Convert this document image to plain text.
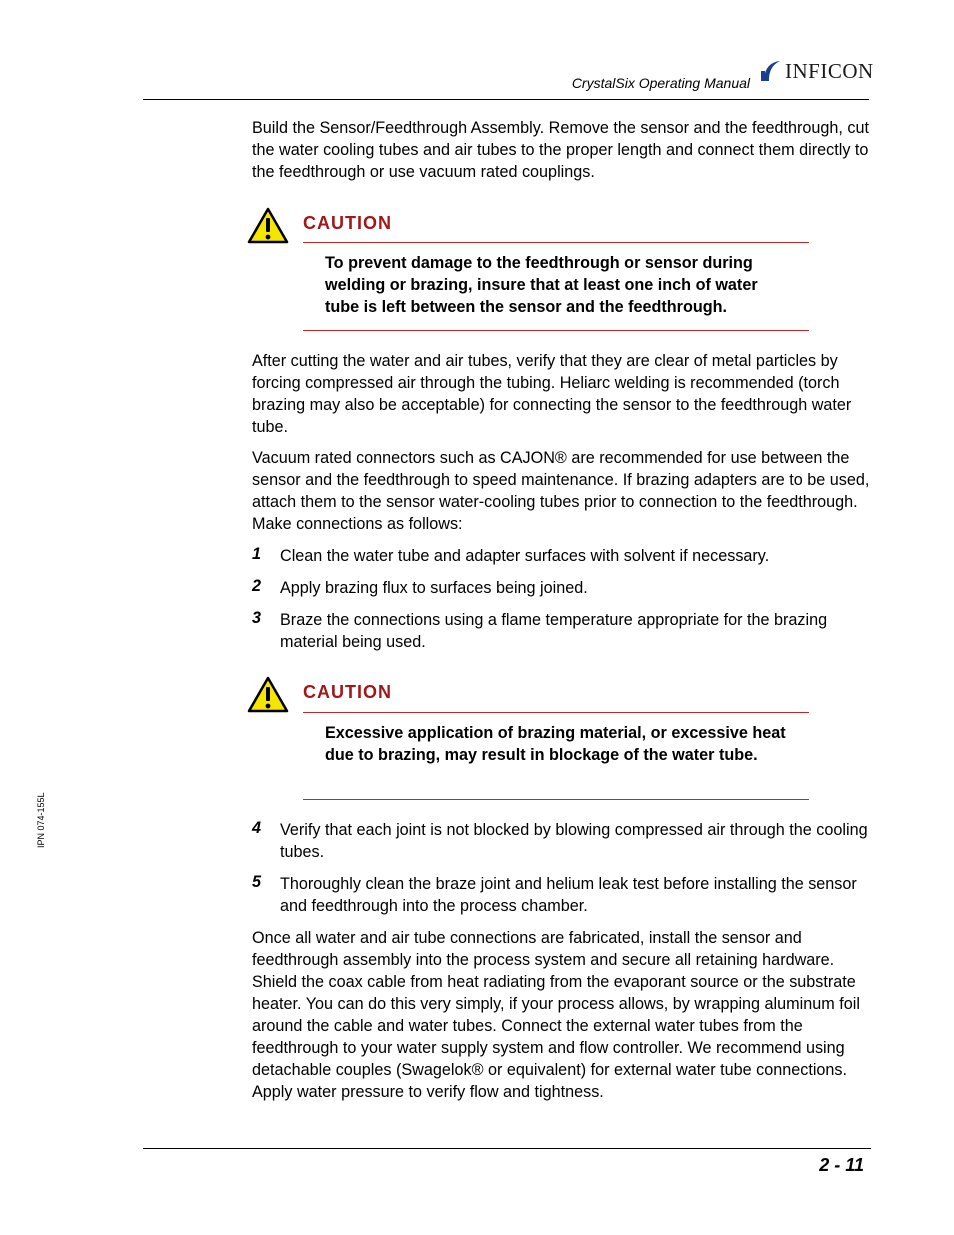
CrystalSix Operating Manual
INFICON
Build the Sensor/Feedthrough Assembly. Remove the sensor and the feedthrough, cut the water cooling tubes and air tubes to the proper length and connect them directly to the feedthrough or use vacuum rated couplings.
CAUTION
To prevent damage to the feedthrough or sensor during welding or brazing, insure that at least one inch of water tube is left between the sensor and the feedthrough.
After cutting the water and air tubes, verify that they are clear of metal particles by forcing compressed air through the tubing. Heliarc welding is recommended (torch brazing may also be acceptable) for connecting the sensor to the feedthrough water tube.
Vacuum rated connectors such as CAJON® are recommended for use between the sensor and the feedthrough to speed maintenance. If brazing adapters are to be used, attach them to the sensor water-cooling tubes prior to connection to the feedthrough. Make connections as follows:
1 Clean the water tube and adapter surfaces with solvent if necessary.
2 Apply brazing flux to surfaces being joined.
3 Braze the connections using a flame temperature appropriate for the brazing material being used.
CAUTION
Excessive application of brazing material, or excessive heat due to brazing, may result in blockage of the water tube.
4 Verify that each joint is not blocked by blowing compressed air through the cooling tubes.
5 Thoroughly clean the braze joint and helium leak test before installing the sensor and feedthrough into the process chamber.
Once all water and air tube connections are fabricated, install the sensor and feedthrough assembly into the process system and secure all retaining hardware. Shield the coax cable from heat radiating from the evaporant source or the substrate heater. You can do this very simply, if your process allows, by wrapping aluminum foil around the cable and water tubes. Connect the external water tubes from the feedthrough to your water supply system and flow controller. We recommend using detachable couples (Swagelok® or equivalent) for external water tube connections. Apply water pressure to verify flow and tightness.
IPN 074-155L
2 - 11
